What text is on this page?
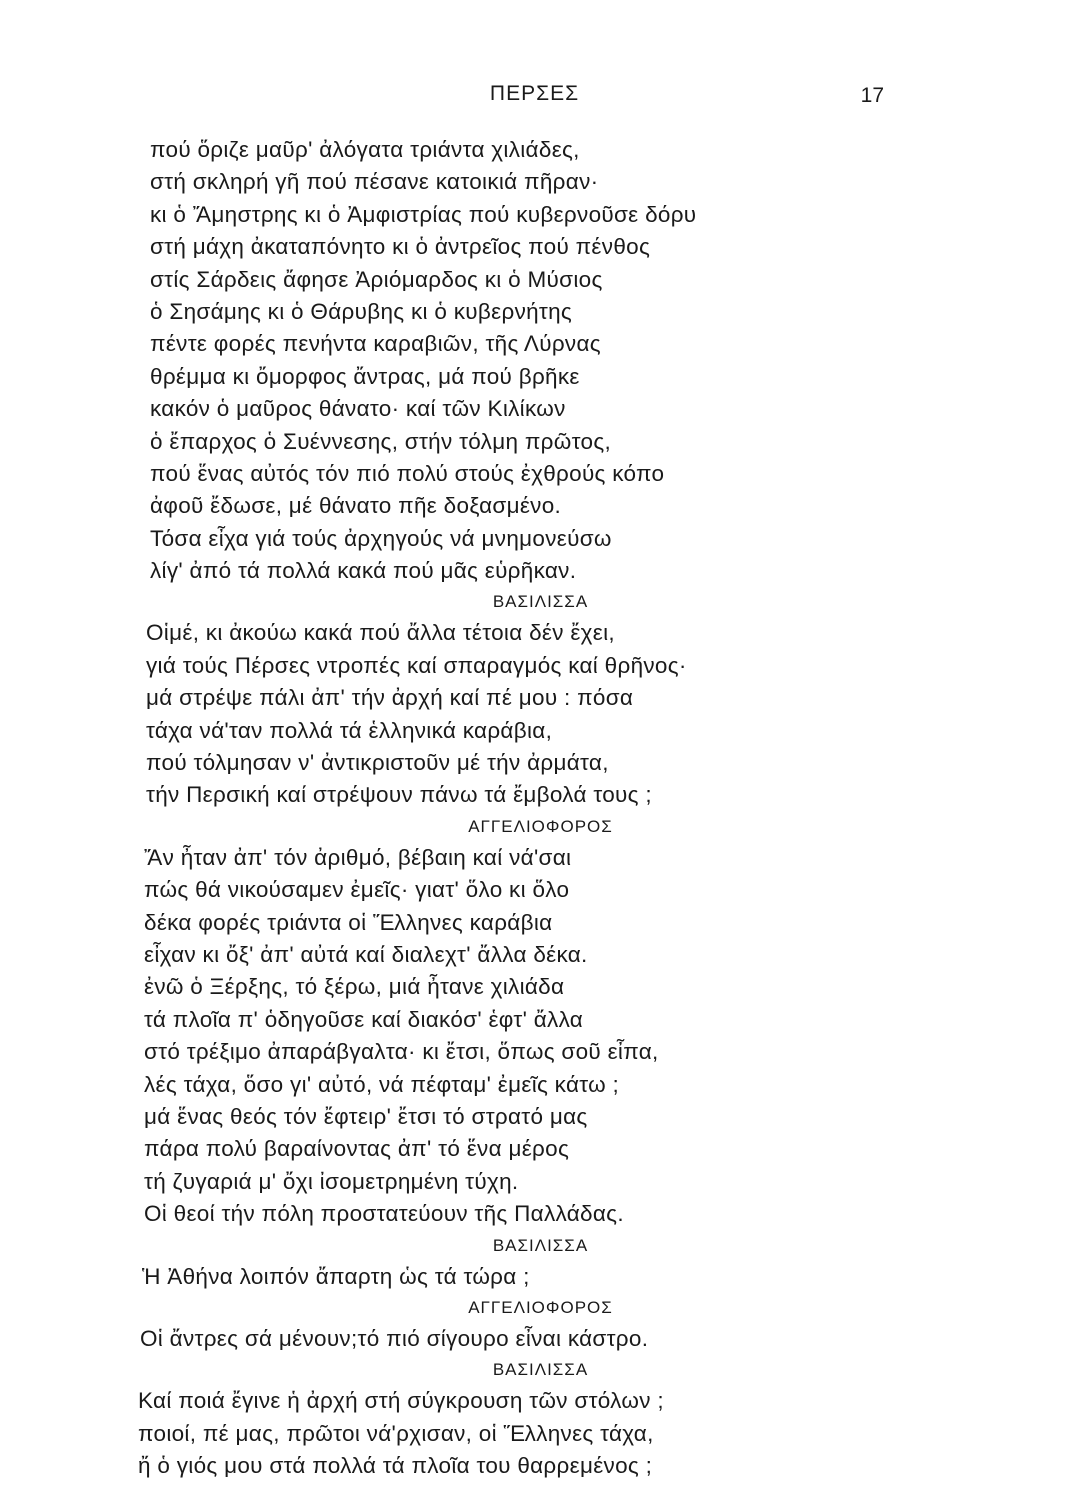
ΠΕΡΣΕΣ	17
πού ὅριζε μαῦρ' ἀλόγατα τριάντα χιλιάδες,
στή σκληρή γῆ πού πέσανε κατοικιά πῆραν·
κι ὁ Ἄμηστρης κι ὁ Ἀμφιστρίας πού κυβερνοῦσε δόρυ
στή μάχη ἀκαταπόνητο κι ὁ ἀντρεῖος πού πένθος
στίς Σάρδεις ἄφησε Ἀριόμαρδος κι ὁ Μύσιος
ὁ Σησάμης κι ὁ Θάρυβης κι ὁ κυβερνήτης
πέντε φορές πενήντα καραβιῶν, τῆς Λύρνας
θρέμμα κι ὄμορφος ἄντρας, μά πού βρῆκε
κακόν ὁ μαῦρος θάνατο· καί τῶν Κιλίκων
ὁ ἔπαρχος ὁ Συέννεσης, στήν τόλμη πρῶτος,
πού ἕνας αὐτός τόν πιό πολύ στούς ἐχθρούς κόπο
ἀφοῦ ἔδωσε, μέ θάνατο πῆε δοξασμένο.
Τόσα εἶχα γιά τούς ἀρχηγούς νά μνημονεύσω
λίγ' ἀπό τά πολλά κακά πού μᾶς εὑρῆκαν.
ΒΑΣΙΛΙΣΣΑ
Οἱμέ, κι ἀκούω κακά πού ἄλλα τέτοια δέν ἔχει,
γιά τούς Πέρσες ντροπές καί σπαραγμός καί θρῆνος·
μά στρέψε πάλι ἀπ' τήν ἀρχή καί πέ μου : πόσα
τάχα νά'ταν πολλά τά ἑλληνικά καράβια,
πού τόλμησαν ν' ἀντικριστοῦν μέ τήν ἀρμάτα,
τήν Περσική καί στρέψουν πάνω τά ἔμβολά τους ;
ΑΓΓΕΛΙΟΦΟΡΟΣ
Ἄν ἦταν ἀπ' τόν ἀριθμό, βέβαιη καί νά'σαι
πώς θά νικούσαμεν ἐμεῖς· γιατ' ὅλο κι ὅλο
δέκα φορές τριάντα οἱ Ἕλληνες καράβια
εἶχαν κι ὄξ' ἀπ' αὐτά καί διαλεχτ' ἄλλα δέκα.
ἐνῶ ὁ Ξέρξης, τό ξέρω, μιά ἦτανε χιλιάδα
τά πλοῖα π' ὁδηγοῦσε καί διακόσ' ἑφτ' ἄλλα
στό τρέξιμο ἀπαράβγαλτα· κι ἔτσι, ὅπως σοῦ εἶπα,
λές τάχα, ὅσο γι' αὐτό, νά πέφταμ' ἐμεῖς κάτω ;
μά ἕνας θεός τόν ἔφτειρ' ἔτσι τό στρατό μας
πάρα πολύ βαραίνοντας ἀπ' τό ἕνα μέρος
τή ζυγαριά μ' ὄχι ἰσομετρημένη τύχη.
Οἱ θεοί τήν πόλη προστατεύουν τῆς Παλλάδας.
ΒΑΣΙΛΙΣΣΑ
Ἡ Ἀθήνα λοιπόν ἄπαρτη ὡς τά τώρα ;
ΑΓΓΕΛΙΟΦΟΡΟΣ
Οἱ ἄντρες σά μένουν;τό πιό σίγουρο εἶναι κάστρο.
ΒΑΣΙΛΙΣΣΑ
Καί ποιά ἔγινε ἡ ἀρχή στή σύγκρουση τῶν στόλων ;
ποιοί, πέ μας, πρῶτοι νά'ρχισαν, οἱ Ἕλληνες τάχα,
ἤ ὁ γιός μου στά πολλά τά πλοῖα του θαρρεμένος ;
